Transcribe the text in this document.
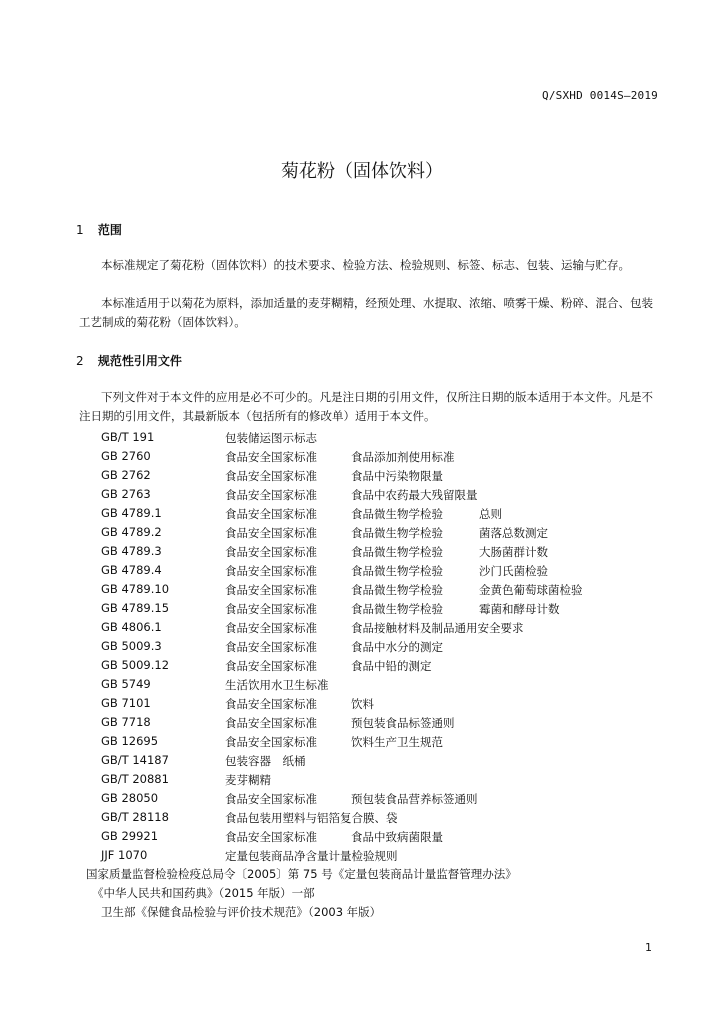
Q/SXHD 0014S—2019
菊花粉（固体饮料）
1 范围
本标准规定了菊花粉（固体饮料）的技术要求、检验方法、检验规则、标签、标志、包装、运输与贮存。
本标准适用于以菊花为原料，添加适量的麦芽糊精，经预处理、水提取、浓缩、喷雾干燥、粉碎、混合、包装工艺制成的菊花粉（固体饮料）。
2 规范性引用文件
下列文件对于本文件的应用是必不可少的。凡是注日期的引用文件，仅所注日期的版本适用于本文件。凡是不注日期的引用文件，其最新版本（包括所有的修改单）适用于本文件。
GB/T 191	包装储运图示标志
GB 2760	食品安全国家标准	食品添加剂使用标准
GB 2762	食品安全国家标准	食品中污染物限量
GB 2763	食品安全国家标准	食品中农药最大残留限量
GB 4789.1	食品安全国家标准	食品微生物学检验	总则
GB 4789.2	食品安全国家标准	食品微生物学检验	菌落总数测定
GB 4789.3	食品安全国家标准	食品微生物学检验	大肠菌群计数
GB 4789.4	食品安全国家标准	食品微生物学检验	沙门氏菌检验
GB 4789.10	食品安全国家标准	食品微生物学检验	金黄色葡萄球菌检验
GB 4789.15	食品安全国家标准	食品微生物学检验	霉菌和酵母计数
GB 4806.1	食品安全国家标准	食品接触材料及制品通用安全要求
GB 5009.3	食品安全国家标准	食品中水分的测定
GB 5009.12	食品安全国家标准	食品中铅的测定
GB 5749	生活饮用水卫生标准
GB 7101	食品安全国家标准	饮料
GB 7718	食品安全国家标准	预包装食品标签通则
GB 12695	食品安全国家标准	饮料生产卫生规范
GB/T 14187	包装容器　纸桶
GB/T 20881	麦芽糊精
GB 28050	食品安全国家标准	预包装食品营养标签通则
GB/T 28118	食品包装用塑料与铝箔复合膜、袋
GB 29921	食品安全国家标准	食品中致病菌限量
JJF 1070	定量包装商品净含量计量检验规则
国家质量监督检验检疫总局令〔2005〕第 75 号《定量包装商品计量监督管理办法》
《中华人民共和国药典》（2015 年版）一部
卫生部《保健食品检验与评价技术规范》（2003 年版）
1
